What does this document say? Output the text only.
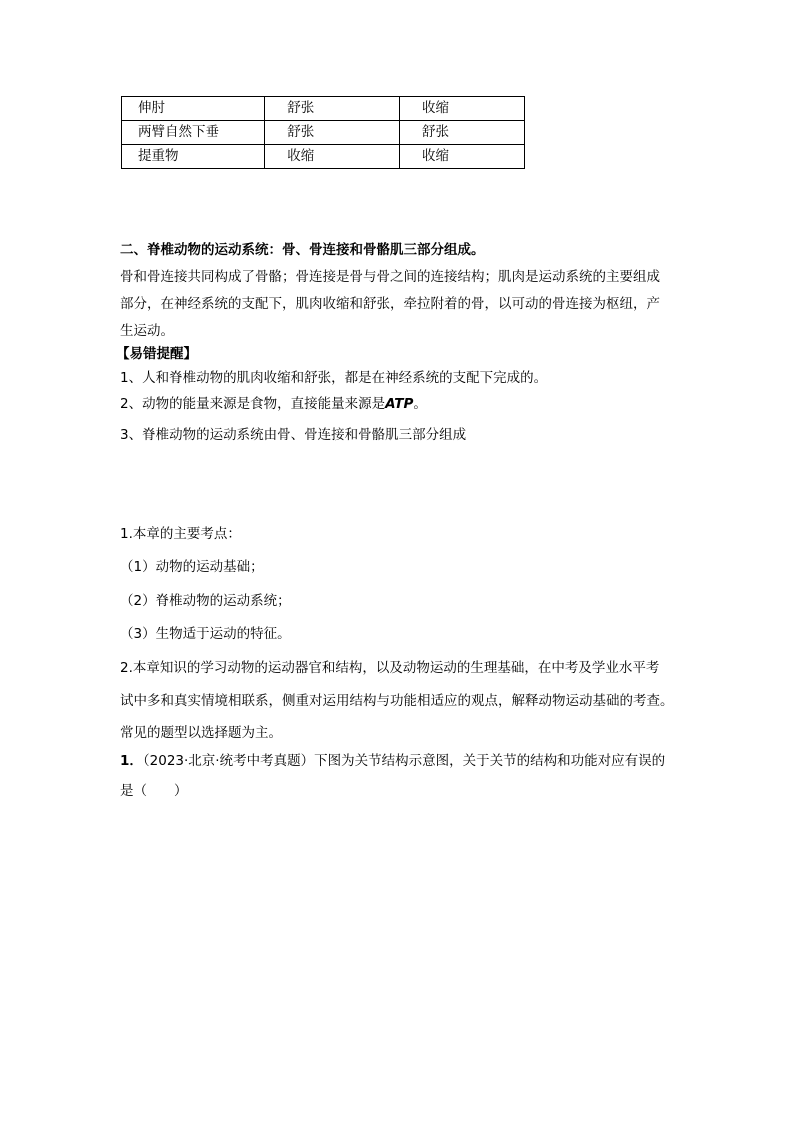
伸肘	舒张	收缩
两臂自然下垂	舒张	舒张
提重物	收缩	收缩
二、脊椎动物的运动系统：骨、骨连接和骨骼肌三部分组成。
骨和骨连接共同构成了骨骼；骨连接是骨与骨之间的连接结构；肌肉是运动系统的主要组成
部分，在神经系统的支配下，肌肉收缩和舒张，牵拉附着的骨，以可动的骨连接为枢纽，产
生运动。
【易错提醒】
1、人和脊椎动物的肌肉收缩和舒张，都是在神经系统的支配下完成的。
2、动物的能量来源是食物，直接能量来源是ATP。
3、脊椎动物的运动系统由骨、骨连接和骨骼肌三部分组成
1.本章的主要考点：
（1）动物的运动基础；
（2）脊椎动物的运动系统；
（3）生物适于运动的特征。
2.本章知识的学习动物的运动器官和结构，以及动物运动的生理基础，在中考及学业水平考
试中多和真实情境相联系，侧重对运用结构与功能相适应的观点，解释动物运动基础的考查。
常见的题型以选择题为主。
1．（2023·北京·统考中考真题）下图为关节结构示意图，关于关节的结构和功能对应有误的
是（　　）
